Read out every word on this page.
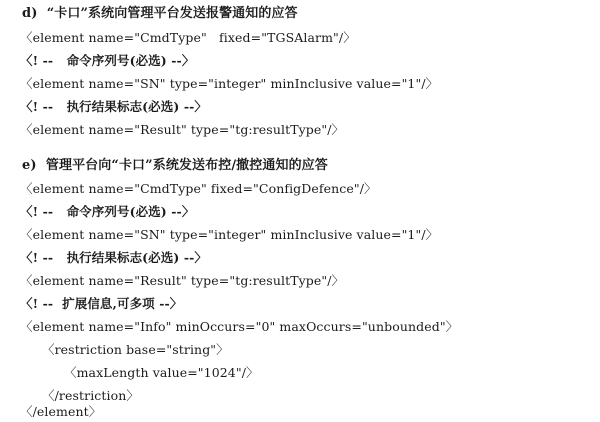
d)  “卡口”系统向管理平台发送报警通知的应答
〈element name="CmdType"   fixed="TGSAlarm"/〉
〈! --   命令序列号(必选) --〉
〈element name="SN" type="integer" minInclusive value="1"/〉
〈! --   执行结果标志(必选) --〉
〈element name="Result" type="tg:resultType"/〉
e)  管理平台向“卡口”系统发送布控/撤控通知的应答
〈element name="CmdType" fixed="ConfigDefence"/〉
〈! --   命令序列号(必选) --〉
〈element name="SN" type="integer" minInclusive value="1"/〉
〈! --   执行结果标志(必选) --〉
〈element name="Result" type="tg:resultType"/〉
〈! --  扩展信息,可多项 --〉
〈element name="Info" minOccurs="0" maxOccurs="unbounded"〉
〈restriction base="string"〉
〈maxLength value="1024"/〉
〈/restriction〉
〈/element〉
